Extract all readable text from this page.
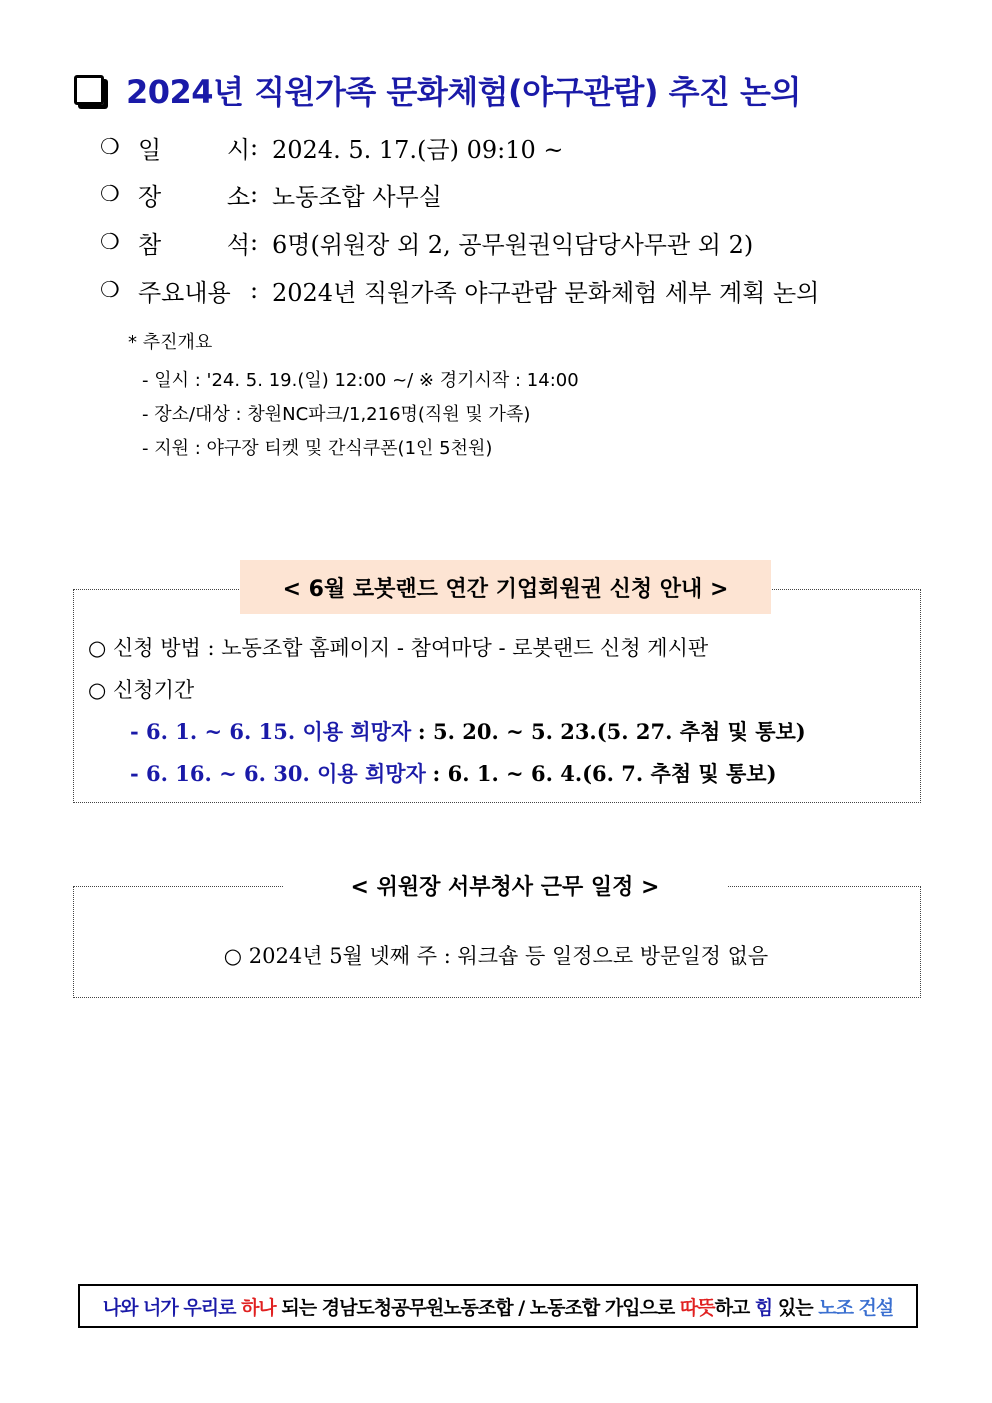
2024년 직원가족 문화체험(야구관람) 추진 논의
❍ 일	시 : 2024. 5. 17.(금) 09:10 ~
❍ 장	소 : 노동조합 사무실
❍ 참	석 : 6명(위원장 외 2, 공무원권익담당사무관 외 2)
❍ 주요내용 : 2024년 직원가족 야구관람 문화체험 세부 계획 논의
* 추진개요
- 일시 : '24. 5. 19.(일) 12:00 ~/ ※ 경기시작 : 14:00
- 장소/대상 : 창원NC파크/1,216명(직원 및 가족)
- 지원 : 야구장 티켓 및 간식쿠폰(1인 5천원)
< 6월 로봇랜드 연간 기업회원권 신청 안내 >
○ 신청 방법 : 노동조합 홈페이지 - 참여마당 - 로봇랜드 신청 게시판
○ 신청기간
- 6. 1. ~ 6. 15. 이용 희망자 : 5. 20. ~ 5. 23.(5. 27. 추첨 및 통보)
- 6. 16. ~ 6. 30. 이용 희망자 : 6. 1. ~ 6. 4.(6. 7. 추첨 및 통보)
< 위원장 서부청사 근무 일정 >
○ 2024년 5월 넷째 주 : 워크숍 등 일정으로 방문일정 없음
나와 너가 우리로 하나 되는 경남도청공무원노동조합 / 노동조합 가입으로 따뜻 하고 힘 있는 노조 건설
